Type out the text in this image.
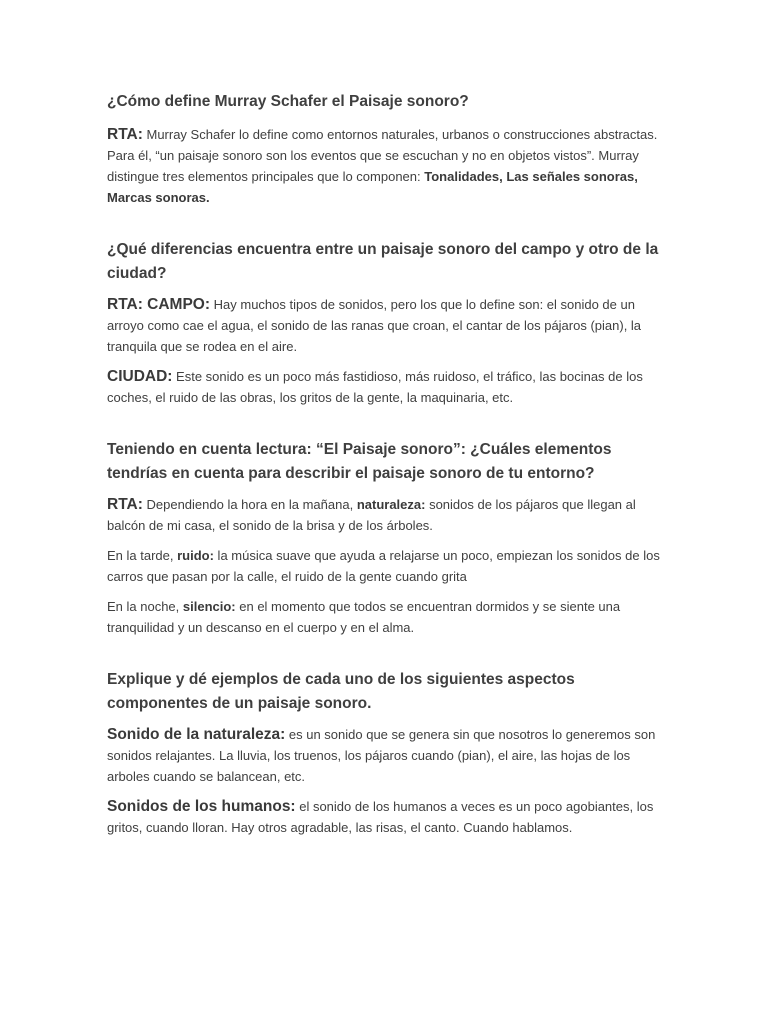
¿Cómo define Murray Schafer el Paisaje sonoro?

RTA: Murray Schafer lo define como entornos naturales, urbanos o construcciones abstractas. Para él, “un paisaje sonoro son los eventos que se escuchan y no en objetos vistos”. Murray distingue tres elementos principales que lo componen: Tonalidades, Las señales sonoras, Marcas sonoras.

¿Qué diferencias encuentra entre un paisaje sonoro del campo y otro de la ciudad?

RTA: CAMPO: Hay muchos tipos de sonidos, pero los que lo define son: el sonido de un arroyo como cae el agua, el sonido de las ranas que croan, el cantar de los pájaros (pian), la tranquila que se rodea en el aire.

CIUDAD: Este sonido es un poco más fastidioso, más ruidoso, el tráfico, las bocinas de los coches, el ruido de las obras, los gritos de la gente, la maquinaria, etc.

Teniendo en cuenta lectura: “El Paisaje sonoro”: ¿Cuáles elementos tendrías en cuenta para describir el paisaje sonoro de tu entorno?

RTA: Dependiendo la hora en la mañana, naturaleza: sonidos de los pájaros que llegan al balcón de mi casa, el sonido de la brisa y de los árboles.

En la tarde, ruido: la música suave que ayuda a relajarse un poco, empiezan los sonidos de los carros que pasan por la calle, el ruido de la gente cuando grita

En la noche, silencio: en el momento que todos se encuentran dormidos y se siente una tranquilidad y un descanso en el cuerpo y en el alma.

Explique y dé ejemplos de cada uno de los siguientes aspectos componentes de un paisaje sonoro.

Sonido de la naturaleza: es un sonido que se genera sin que nosotros lo generemos son sonidos relajantes. La lluvia, los truenos, los pájaros cuando (pian), el aire, las hojas de los arboles cuando se balancean, etc.

Sonidos de los humanos: el sonido de los humanos a veces es un poco agobiantes, los gritos, cuando lloran. Hay otros agradable, las risas, el canto. Cuando hablamos.
